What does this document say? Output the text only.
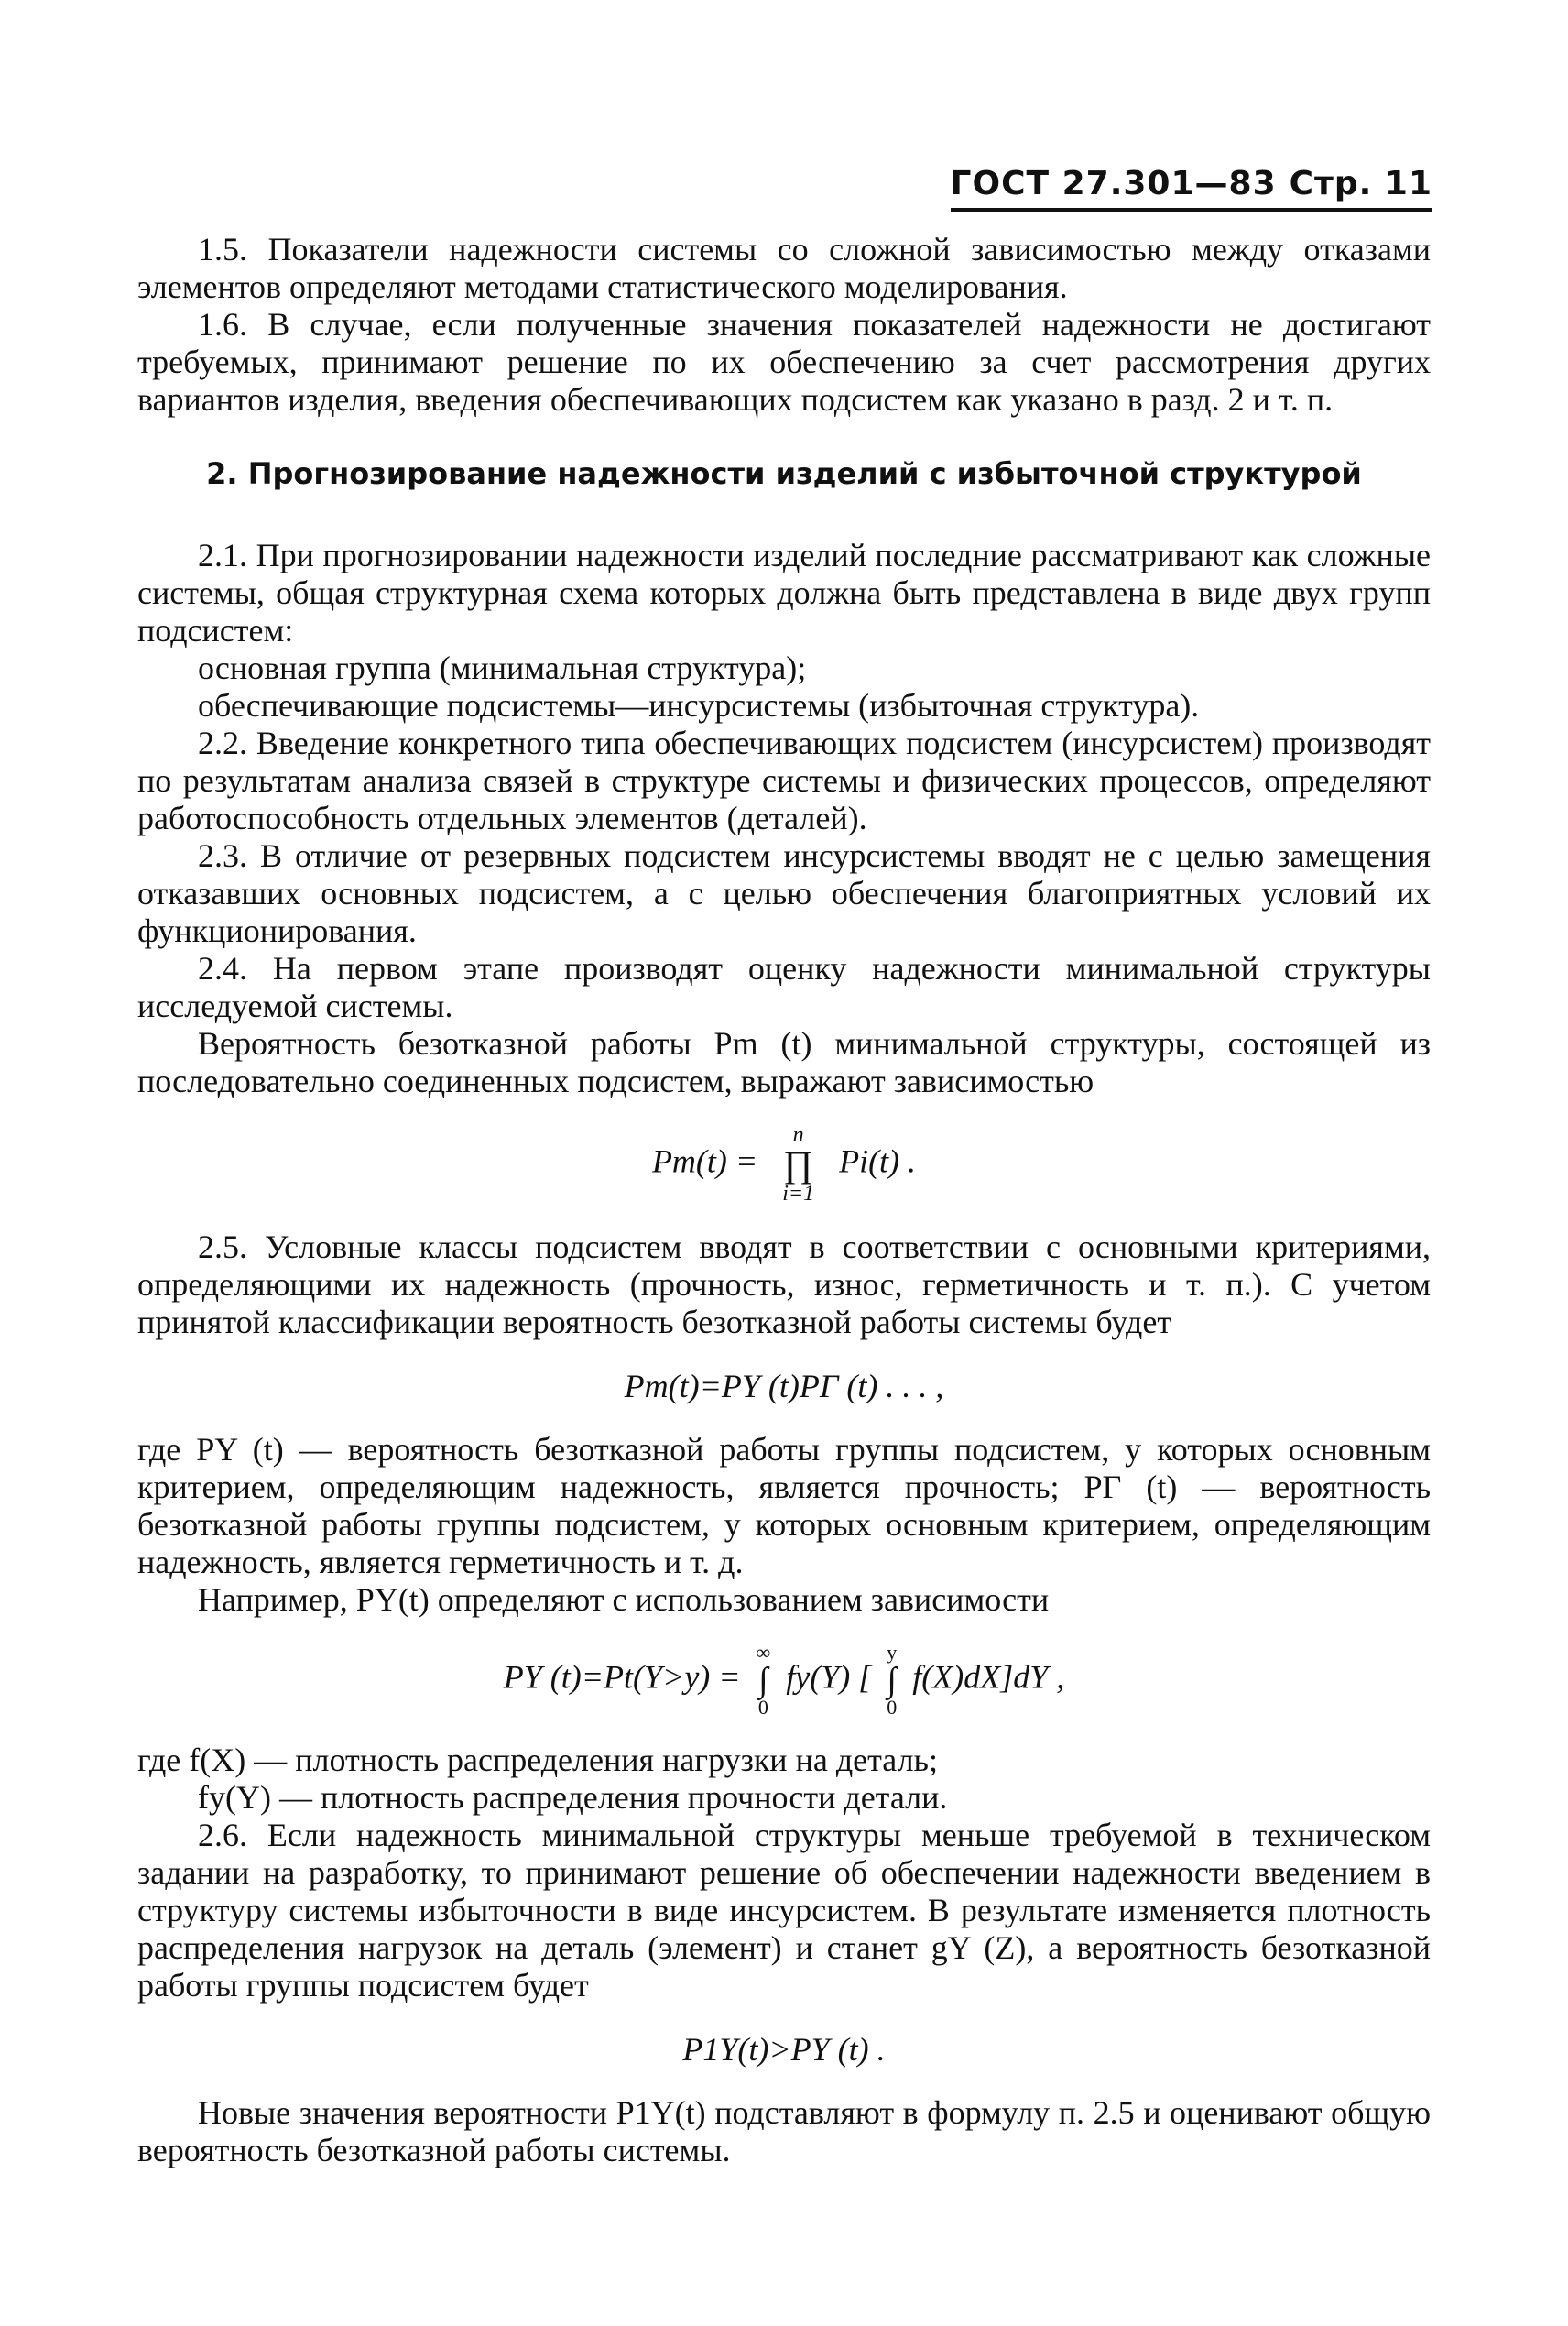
ГОСТ 27.301—83 Стр. 11

1.5. Показатели надежности системы со сложной зависимостью между отказами элементов определяют методами статистического моделирования.

1.6. В случае, если полученные значения показателей надежности не достигают требуемых, принимают решение по их обеспечению за счет рассмотрения других вариантов изделия, введения обеспечивающих подсистем как указано в разд. 2 и т. п.

2. Прогнозирование надежности изделий с избыточной структурой

2.1. При прогнозировании надежности изделий последние рассматривают как сложные системы, общая структурная схема которых должна быть представлена в виде двух групп подсистем:

основная группа (минимальная структура);

обеспечивающие подсистемы—инсурсистемы (избыточная структура).

2.2. Введение конкретного типа обеспечивающих подсистем (инсурсистем) производят по результатам анализа связей в структуре системы и физических процессов, определяют работоспособность отдельных элементов (деталей).

2.3. В отличие от резервных подсистем инсурсистемы вводят не с целью замещения отказавших основных подсистем, а с целью обеспечения благоприятных условий их функционирования.

2.4. На первом этапе производят оценку надежности минимальной структуры исследуемой системы.

Вероятность безотказной работы Pm (t) минимальной структуры, состоящей из последовательно соединенных подсистем, выражают зависимостью

Pm(t) =
n
∏
i=1
Pi(t) .

2.5. Условные классы подсистем вводят в соответствии с основными критериями, определяющими их надежность (прочность, износ, герметичность и т. п.). С учетом принятой классификации вероятность безотказной работы системы будет

Pm(t)=PY (t)PГ (t) . . . ,

где PY (t) — вероятность безотказной работы группы подсистем, у которых основным критерием, определяющим надежность, является прочность; PГ (t) — вероятность безотказной работы группы подсистем, у которых основным критерием, определяющим надежность, является герметичность и т. д.

Например, PY(t) определяют с использованием зависимости

PY (t)=Pt(Y>y) =
∞
∫
0
fy(Y) [
y
∫
0
f(X)dX]dY ,

где f(X) — плотность распределения нагрузки на деталь;

fy(Y) — плотность распределения прочности детали.

2.6. Если надежность минимальной структуры меньше требуемой в техническом задании на разработку, то принимают решение об обеспечении надежности введением в структуру системы избыточности в виде инсурсистем. В результате изменяется плотность распределения нагрузок на деталь (элемент) и станет gY (Z), а вероятность безотказной работы группы подсистем будет

P1Y(t)>PY (t) .

Новые значения вероятности P1Y(t) подставляют в формулу п. 2.5 и оценивают общую вероятность безотказной работы системы.
